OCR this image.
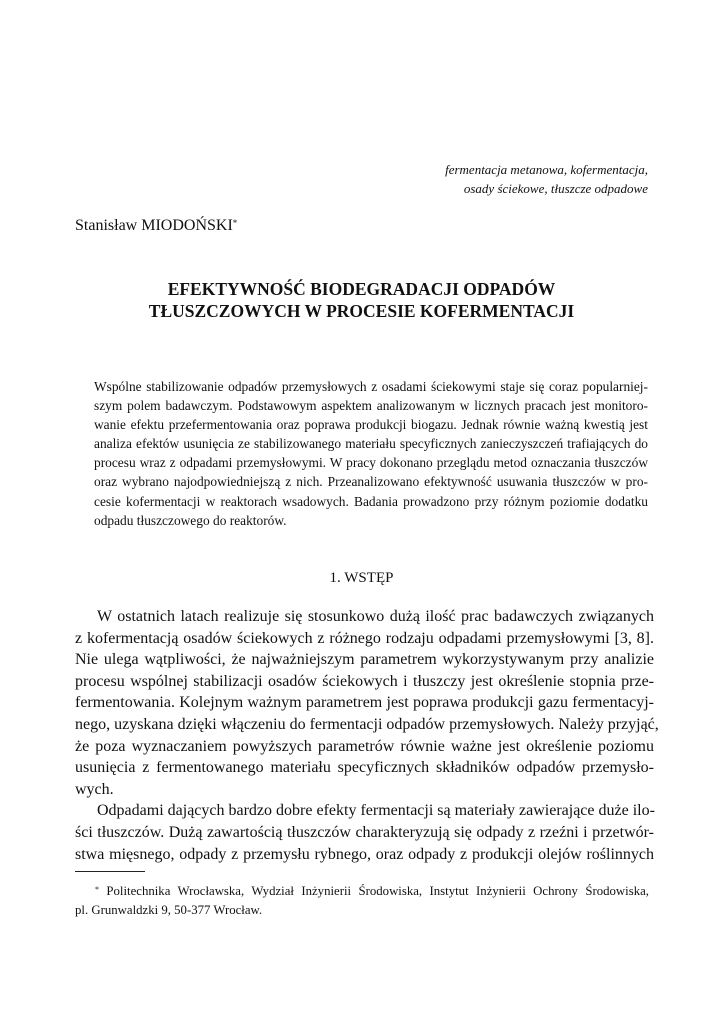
fermentacja metanowa, kofermentacja,
osady ściekowe, tłuszcze odpadowe
Stanisław MIODOŃSKI*
EFEKTYWNOŚĆ BIODEGRADACJI ODPADÓW
TŁUSZCZOWYCH W PROCESIE KOFERMENTACJI
Wspólne stabilizowanie odpadów przemysłowych z osadami ściekowymi staje się coraz popularniej-
szym polem badawczym. Podstawowym aspektem analizowanym w licznych pracach jest monitoro-
wanie efektu przefermentowania oraz poprawa produkcji biogazu. Jednak równie ważną kwestią jest
analiza efektów usunięcia ze stabilizowanego materiału specyficznych zanieczyszczeń trafiających do
procesu wraz z odpadami przemysłowymi. W pracy dokonano przeglądu metod oznaczania tłuszczów
oraz wybrano najodpowiedniejszą z nich. Przeanalizowano efektywność usuwania tłuszczów w pro-
cesie kofermentacji w reaktorach wsadowych. Badania prowadzono przy różnym poziomie dodatku
odpadu tłuszczowego do reaktorów.
1. WSTĘP
W ostatnich latach realizuje się stosunkowo dużą ilość prac badawczych związanych
z kofermentacją osadów ściekowych z różnego rodzaju odpadami przemysłowymi [3, 8].
Nie ulega wątpliwości, że najważniejszym parametrem wykorzystywanym przy analizie
procesu wspólnej stabilizacji osadów ściekowych i tłuszczy jest określenie stopnia prze-
fermentowania. Kolejnym ważnym parametrem jest poprawa produkcji gazu fermentacyj-
nego, uzyskana dzięki włączeniu do fermentacji odpadów przemysłowych. Należy przyjąć,
że poza wyznaczaniem powyższych parametrów równie ważne jest określenie poziomu
usunięcia z fermentowanego materiału specyficznych składników odpadów przemysło-
wych.
Odpadami dających bardzo dobre efekty fermentacji są materiały zawierające duże ilo-
ści tłuszczów. Dużą zawartością tłuszczów charakteryzują się odpady z rzeźni i przetwór-
stwa mięsnego, odpady z przemysłu rybnego, oraz odpady z produkcji olejów roślinnych
* Politechnika Wrocławska, Wydział Inżynierii Środowiska, Instytut Inżynierii Ochrony Środowiska,
pl. Grunwaldzki 9, 50-377 Wrocław.
